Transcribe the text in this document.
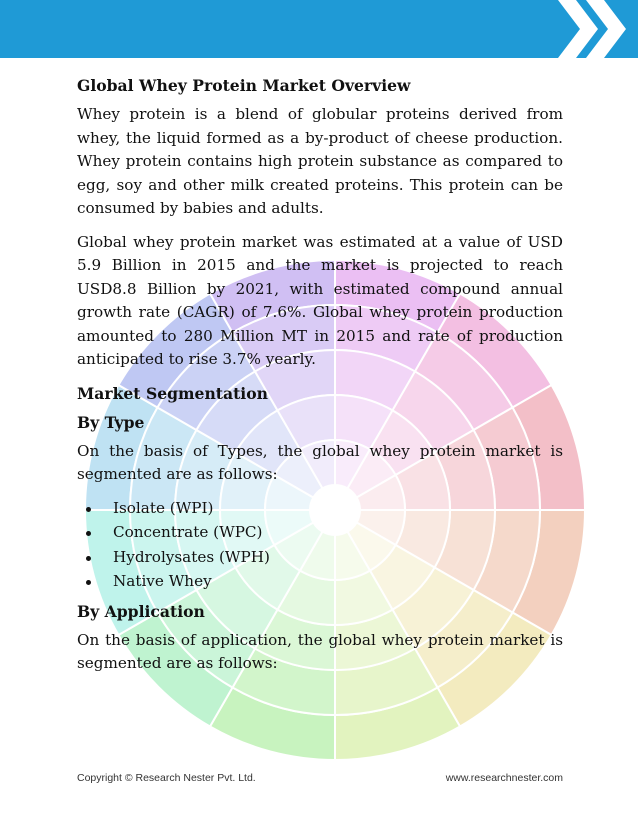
Global Whey Protein Market Overview

Whey protein is a blend of globular proteins derived from whey, the liquid formed as a by-product of cheese production. Whey protein contains high protein substance as compared to egg, soy and other milk created proteins. This protein can be consumed by babies and adults.

Global whey protein market was estimated at a value of USD 5.9 Billion in 2015 and the market is projected to reach USD8.8 Billion by 2021, with estimated compound annual growth rate (CAGR) of 7.6%. Global whey protein production amounted to 280 Million MT in 2015 and rate of production anticipated to rise 3.7% yearly.

Market Segmentation
By Type

On the basis of Types, the global whey protein market is segmented are as follows:

Isolate (WPI)
Concentrate (WPC)
Hydrolysates (WPH)
Native Whey
By Application

On the basis of application, the global whey protein market is segmented are as follows:

Copyright © Research Nester Pvt. Ltd.	www.researchnester.com
